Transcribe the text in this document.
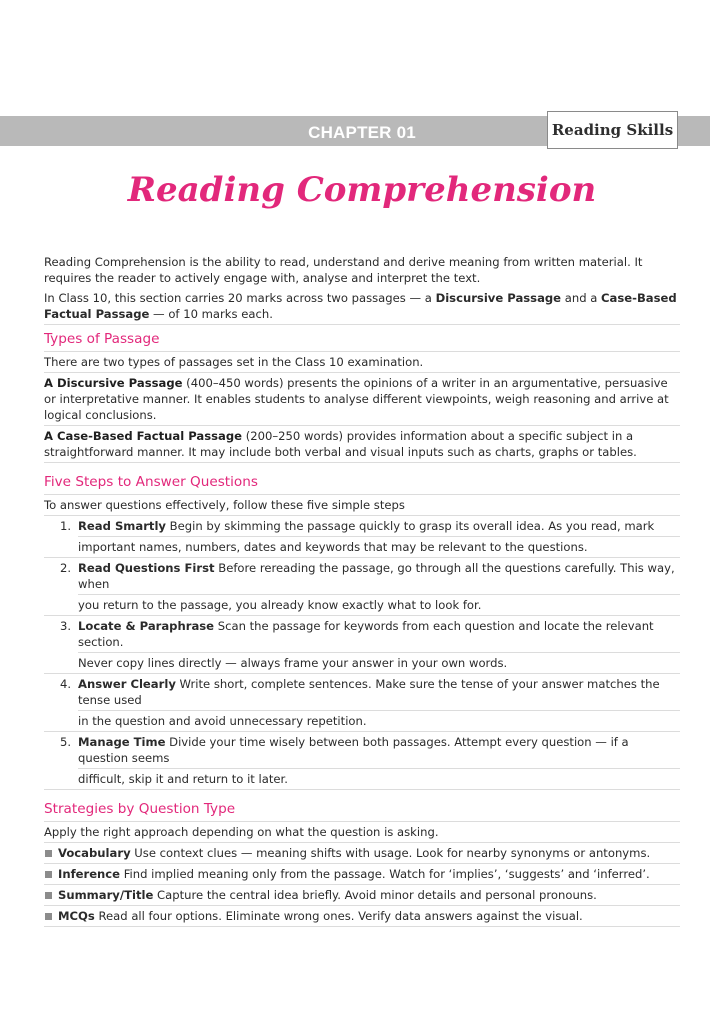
CHAPTER 01	Reading Skills
Reading Comprehension

Reading Comprehension is the ability to read, understand and derive meaning from written material. It requires the reader to actively engage with, analyse and interpret the text.

In Class 10, this section carries 20 marks across two passages — a Discursive Passage and a Case-Based Factual Passage — of 10 marks each.

Types of Passage

There are two types of passages set in the Class 10 examination.

A Discursive Passage (400–450 words) presents the opinions of a writer in an argumentative, persuasive or interpretative manner. It enables students to analyse different viewpoints, weigh reasoning and arrive at logical conclusions.

A Case-Based Factual Passage (200–250 words) provides information about a specific subject in a straightforward manner. It may include both verbal and visual inputs such as charts, graphs or tables.

Five Steps to Answer Questions

To answer questions effectively, follow these five simple steps

1. Read Smartly Begin by skimming the passage quickly to grasp its overall idea. As you read, mark
important names, numbers, dates and keywords that may be relevant to the questions.
2. Read Questions First Before rereading the passage, go through all the questions carefully. This way, when
you return to the passage, you already know exactly what to look for.
3. Locate & Paraphrase Scan the passage for keywords from each question and locate the relevant section.
Never copy lines directly — always frame your answer in your own words.
4. Answer Clearly Write short, complete sentences. Make sure the tense of your answer matches the tense used
in the question and avoid unnecessary repetition.
5. Manage Time Divide your time wisely between both passages. Attempt every question — if a question seems
difficult, skip it and return to it later.
Strategies by Question Type

Apply the right approach depending on what the question is asking.

Vocabulary Use context clues — meaning shifts with usage. Look for nearby synonyms or antonyms.
Inference Find implied meaning only from the passage. Watch for ‘implies’, ‘suggests’ and ‘inferred’.
Summary/Title Capture the central idea briefly. Avoid minor details and personal pronouns.
MCQs Read all four options. Eliminate wrong ones. Verify data answers against the visual.
